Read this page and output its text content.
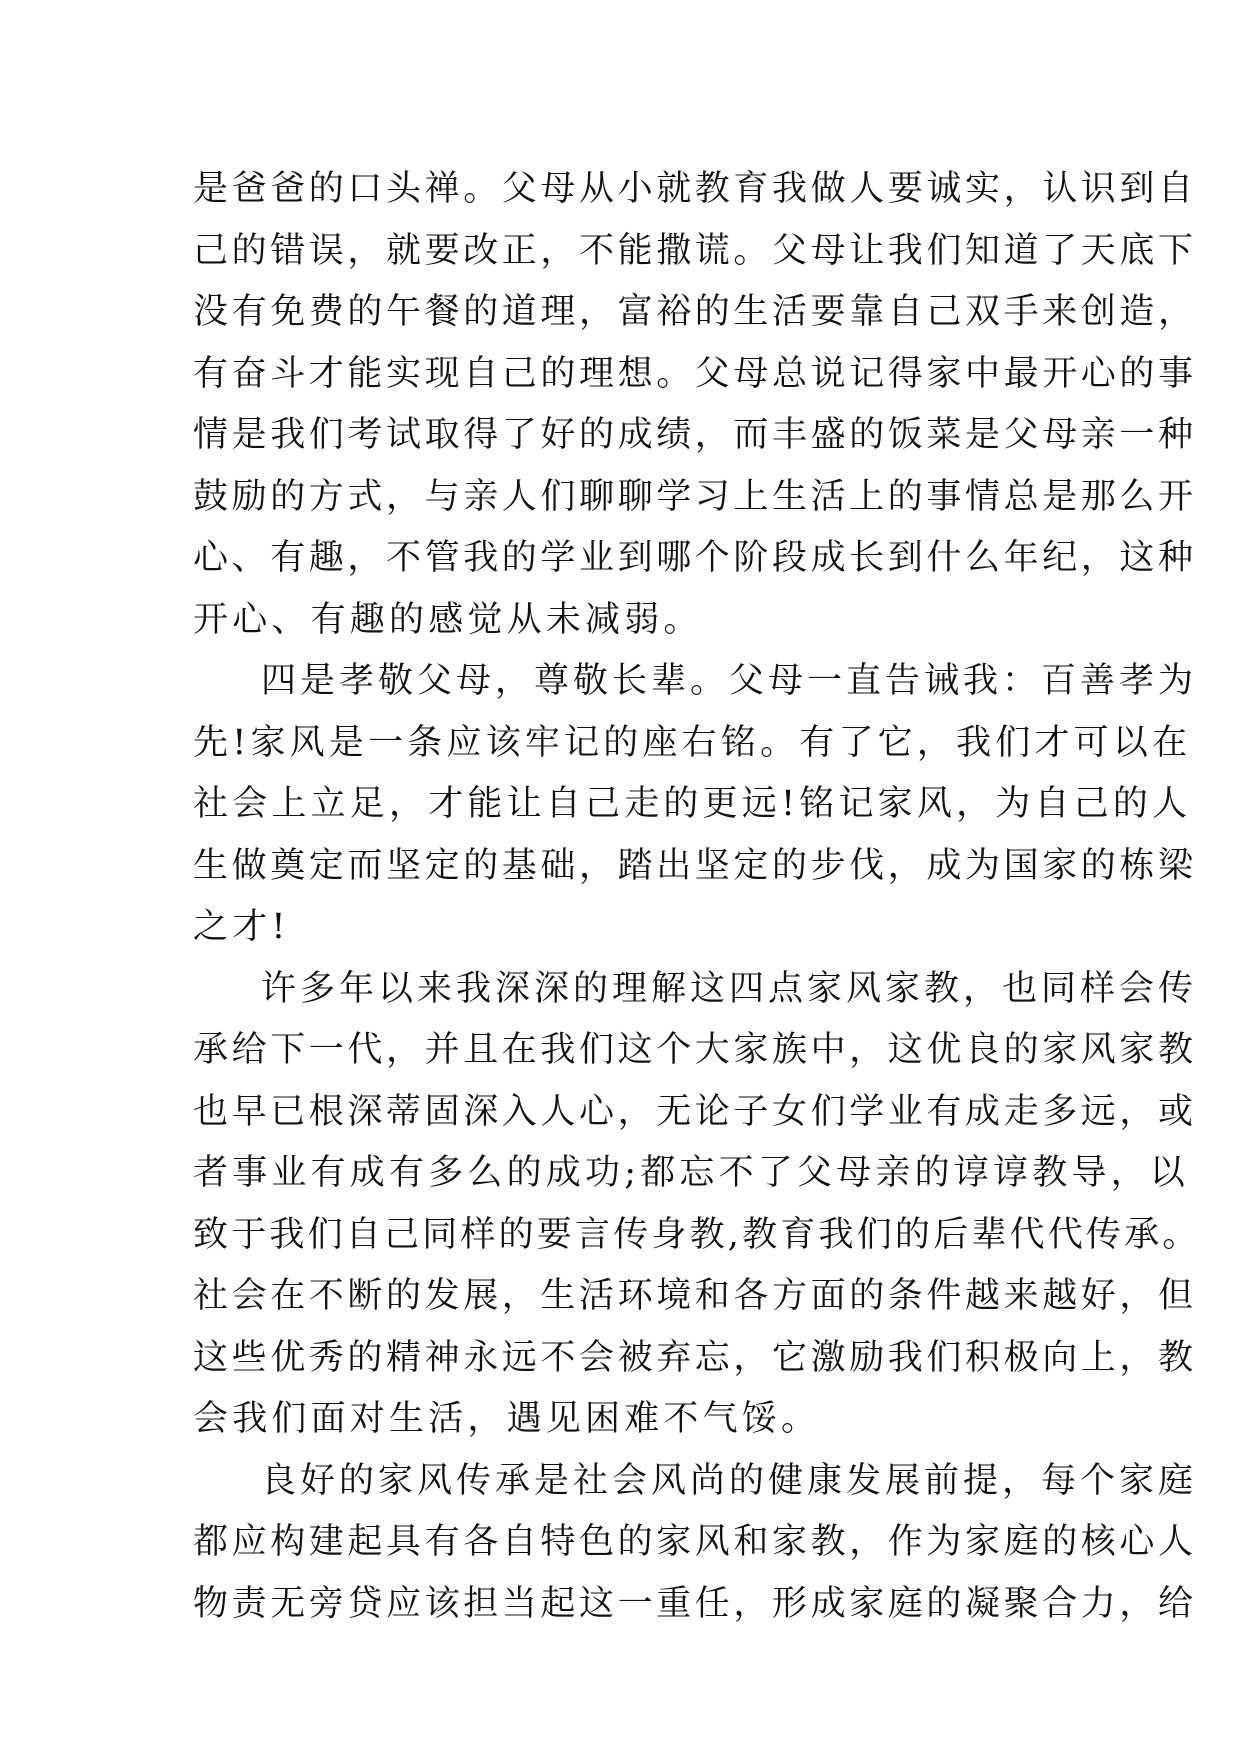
是爸爸的口头禅。父母从小就教育我做人要诚实，认识到自
己的错误，就要改正，不能撒谎。父母让我们知道了天底下
没有免费的午餐的道理，富裕的生活要靠自己双手来创造，
有奋斗才能实现自己的理想。父母总说记得家中最开心的事
情是我们考试取得了好的成绩，而丰盛的饭菜是父母亲一种
鼓励的方式，与亲人们聊聊学习上生活上的事情总是那么开
心、有趣，不管我的学业到哪个阶段成长到什么年纪，这种
开心、有趣的感觉从未减弱。
四是孝敬父母，尊敬长辈。父母一直告诫我：百善孝为
先!家风是一条应该牢记的座右铭。有了它，我们才可以在
社会上立足，才能让自己走的更远!铭记家风，为自己的人
生做奠定而坚定的基础，踏出坚定的步伐，成为国家的栋梁
之才!
许多年以来我深深的理解这四点家风家教，也同样会传
承给下一代，并且在我们这个大家族中，这优良的家风家教
也早已根深蒂固深入人心，无论子女们学业有成走多远，或
者事业有成有多么的成功;都忘不了父母亲的谆谆教导，以
致于我们自己同样的要言传身教,教育我们的后辈代代传承。
社会在不断的发展，生活环境和各方面的条件越来越好，但
这些优秀的精神永远不会被弃忘，它激励我们积极向上，教
会我们面对生活，遇见困难不气馁。
良好的家风传承是社会风尚的健康发展前提，每个家庭
都应构建起具有各自特色的家风和家教，作为家庭的核心人
物责无旁贷应该担当起这一重任，形成家庭的凝聚合力，给
